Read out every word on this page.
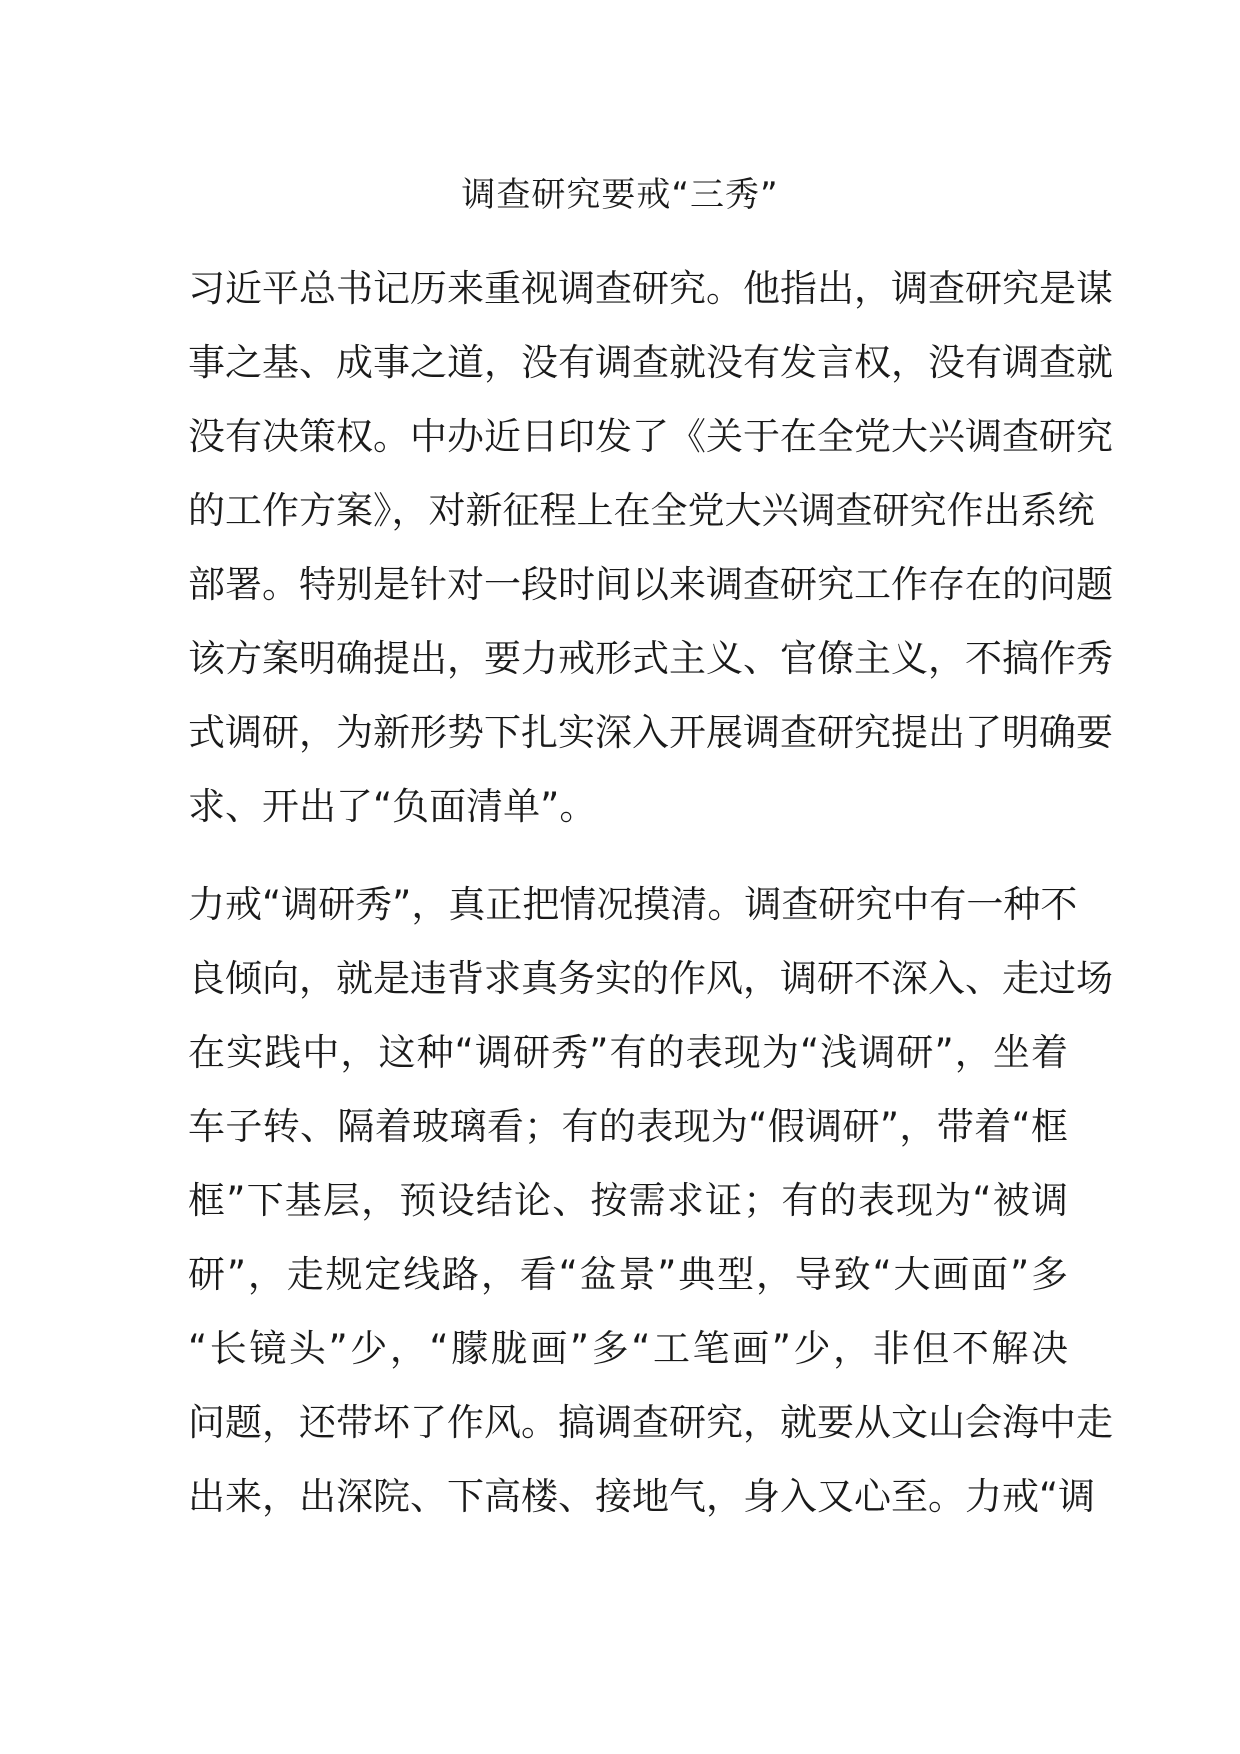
调查研究要戒“三秀”
习近平总书记历来重视调查研究。他指出，调查研究是谋
事之基、成事之道，没有调查就没有发言权，没有调查就
没有决策权。中办近日印发了《关于在全党大兴调查研究
的工作方案》，对新征程上在全党大兴调查研究作出系统
部署。特别是针对一段时间以来调查研究工作存在的问题
该方案明确提出，要力戒形式主义、官僚主义，不搞作秀
式调研，为新形势下扎实深入开展调查研究提出了明确要
求、开出了“负面清单”。
力戒“调研秀”，真正把情况摸清。调查研究中有一种不
良倾向，就是违背求真务实的作风，调研不深入、走过场
在实践中，这种“调研秀”有的表现为“浅调研”，坐着
车子转、隔着玻璃看；有的表现为“假调研”，带着“框
框”下基层，预设结论、按需求证；有的表现为“被调
研”，走规定线路，看“盆景”典型，导致“大画面”多
“长镜头”少，“朦胧画”多“工笔画”少，非但不解决
问题，还带坏了作风。搞调查研究，就要从文山会海中走
出来，出深院、下高楼、接地气，身入又心至。力戒“调
